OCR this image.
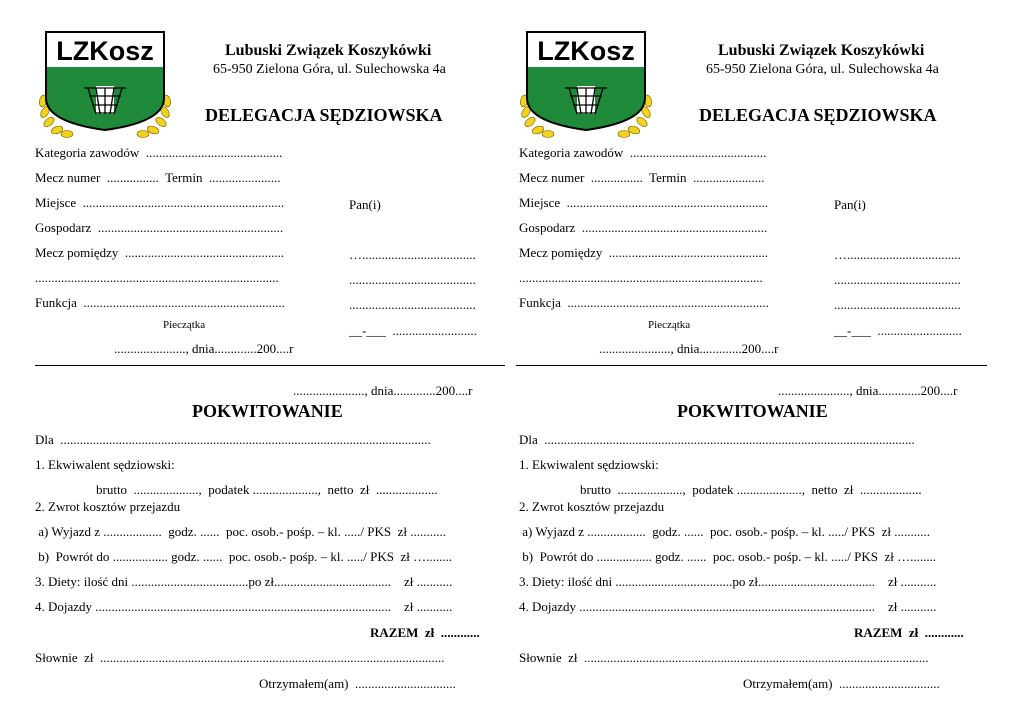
LZKosz	Lubuski Związek Koszykówki
65-950 Zielona Góra, ul. Sulechowska 4a
DELEGACJA SĘDZIOWSKA
Kategoria zawodów  ..........................................
Mecz numer  ................  Termin  ......................
Miejsce  ..............................................................
Gospodarz  .........................................................
Mecz pomiędzy  .................................................
...........................................................................
Funkcja  ..............................................................
Pieczątka
......................, dnia.............200....r
Pan(i)
…...................................
.......................................
.......................................
__-___  ..........................
......................, dnia.............200....r
POKWITOWANIE
Dla  ..................................................................................................................
1. Ekwiwalent sędziowski:
brutto  ....................,  podatek ....................,  netto  zł  ...................
2. Zwrot kosztów przejazdu
a) Wyjazd z ..................  godz. ......  poc. osob.- pośp. – kl. ...../ PKS  zł ...........
b)  Powrót do ................. godz. ......  poc. osob.- pośp. – kl. ...../ PKS  zł …........
3. Diety: ilość dni ....................................po zł....................................    zł ...........
4. Dojazdy ...........................................................................................    zł ...........
RAZEM  zł  ............
Słownie  zł  ..........................................................................................................
Otrzymałem(am)  ...............................
LZKosz	Lubuski Związek Koszykówki
65-950 Zielona Góra, ul. Sulechowska 4a
DELEGACJA SĘDZIOWSKA
Kategoria zawodów  ..........................................
Mecz numer  ................  Termin  ......................
Miejsce  ..............................................................
Gospodarz  .........................................................
Mecz pomiędzy  .................................................
...........................................................................
Funkcja  ..............................................................
Pieczątka
......................, dnia.............200....r
Pan(i)
…...................................
.......................................
.......................................
__-___  ..........................
......................, dnia.............200....r
POKWITOWANIE
Dla  ..................................................................................................................
1. Ekwiwalent sędziowski:
brutto  ....................,  podatek ....................,  netto  zł  ...................
2. Zwrot kosztów przejazdu
a) Wyjazd z ..................  godz. ......  poc. osob.- pośp. – kl. ...../ PKS  zł ...........
b)  Powrót do ................. godz. ......  poc. osob.- pośp. – kl. ...../ PKS  zł …........
3. Diety: ilość dni ....................................po zł....................................    zł ...........
4. Dojazdy ...........................................................................................    zł ...........
RAZEM  zł  ............
Słownie  zł  ..........................................................................................................
Otrzymałem(am)  ...............................
